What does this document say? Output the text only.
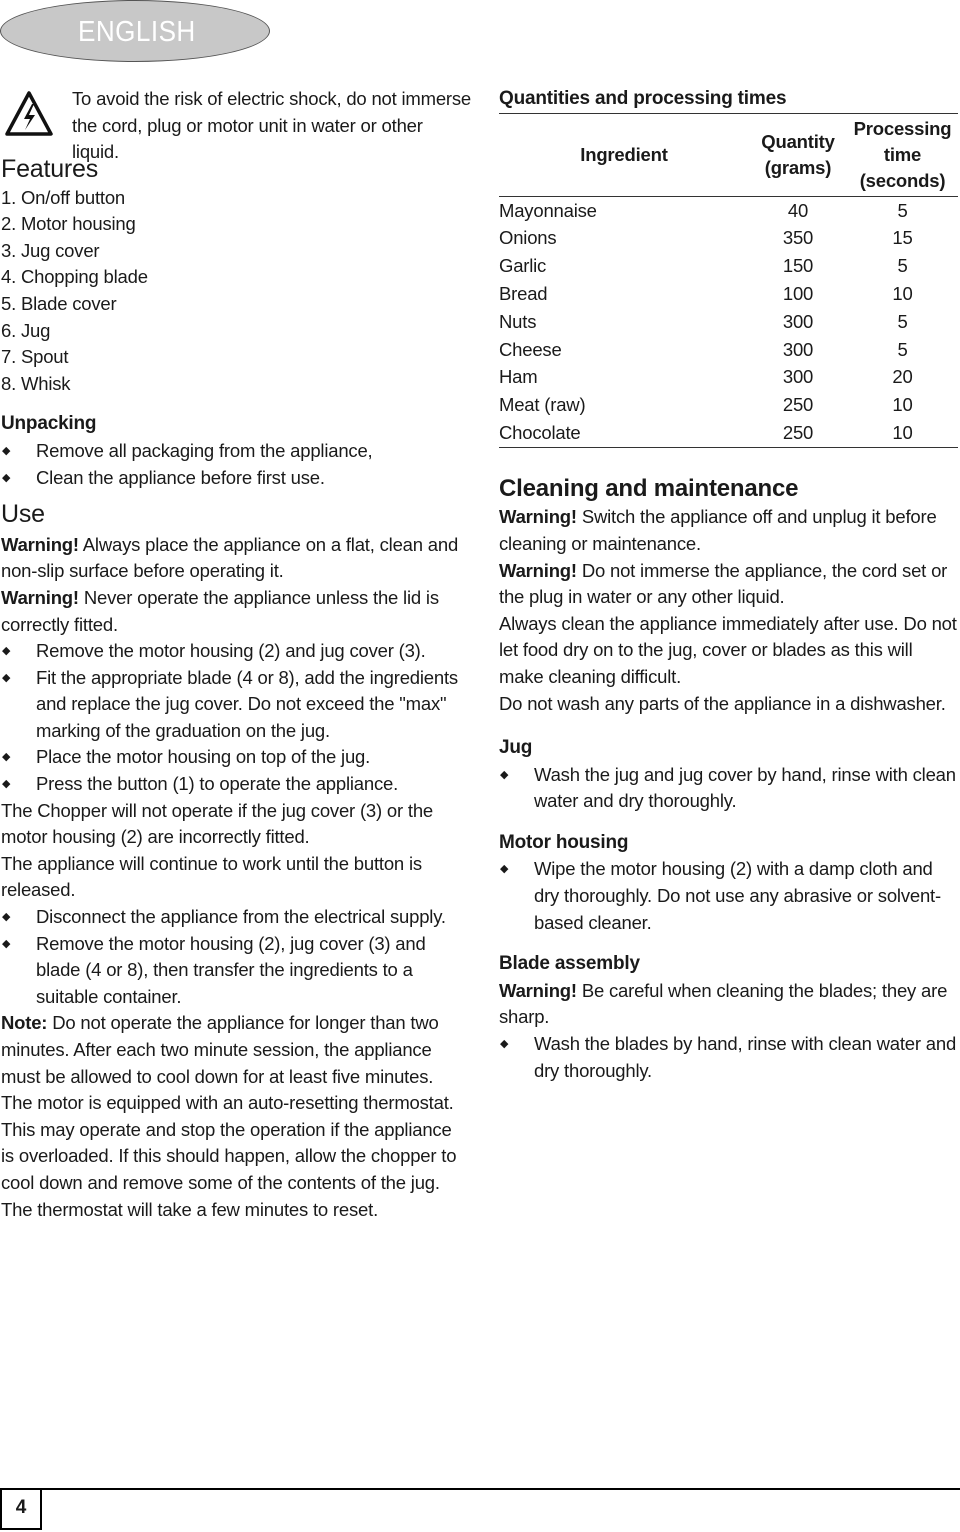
ENGLISH
To avoid the risk of electric shock, do not immerse the cord, plug or motor unit in water or other liquid.

Features

1. On/off button

2. Motor housing

3. Jug cover

4. Chopping blade

5. Blade cover

6. Jug

7. Spout

8. Whisk

Unpacking

◆ Remove all packaging from the appliance,
◆ Clean the appliance before first use.

Use

Warning! Always place the appliance on a flat, clean and non-slip surface before operating it.

Warning! Never operate the appliance unless the lid is correctly fitted.

◆ Remove the motor housing (2) and jug cover (3).
◆ Fit the appropriate blade (4 or 8), add the ingredients and replace the jug cover. Do not exceed the "max" marking of the graduation on the jug.
◆ Place the motor housing on top of the jug.
◆ Press the button (1) to operate the appliance.

The Chopper will not operate if the jug cover (3) or the motor housing (2) are incorrectly fitted.

The appliance will continue to work until the button is released.

◆ Disconnect the appliance from the electrical supply.
◆ Remove the motor housing (2), jug cover (3) and blade (4 or 8), then transfer the ingredients to a suitable container.

Note: Do not operate the appliance for longer than two minutes. After each two minute session, the appliance must be allowed to cool down for at least five minutes.

The motor is equipped with an auto-resetting thermostat. This may operate and stop the operation if the appliance is overloaded. If this should happen, allow the chopper to cool down and remove some of the contents of the jug. The thermostat will take a few minutes to reset.

Quantities and processing times

Ingredient	Quantity (grams)	Processing time (seconds)
Mayonnaise	40	5
Onions	350	15
Garlic	150	5
Bread	100	10
Nuts	300	5
Cheese	300	5
Ham	300	20
Meat (raw)	250	10
Chocolate	250	10

Cleaning and maintenance

Warning! Switch the appliance off and unplug it before cleaning or maintenance.

Warning! Do not immerse the appliance, the cord set or the plug in water or any other liquid.

Always clean the appliance immediately after use. Do not let food dry on to the jug, cover or blades as this will make cleaning difficult.

Do not wash any parts of the appliance in a dishwasher.

Jug

◆ Wash the jug and jug cover by hand, rinse with clean water and dry thoroughly.

Motor housing

◆ Wipe the motor housing (2) with a damp cloth and dry thoroughly. Do not use any abrasive or solvent-based cleaner.

Blade assembly

Warning! Be careful when cleaning the blades; they are sharp.

◆ Wash the blades by hand, rinse with clean water and dry thoroughly.
4
